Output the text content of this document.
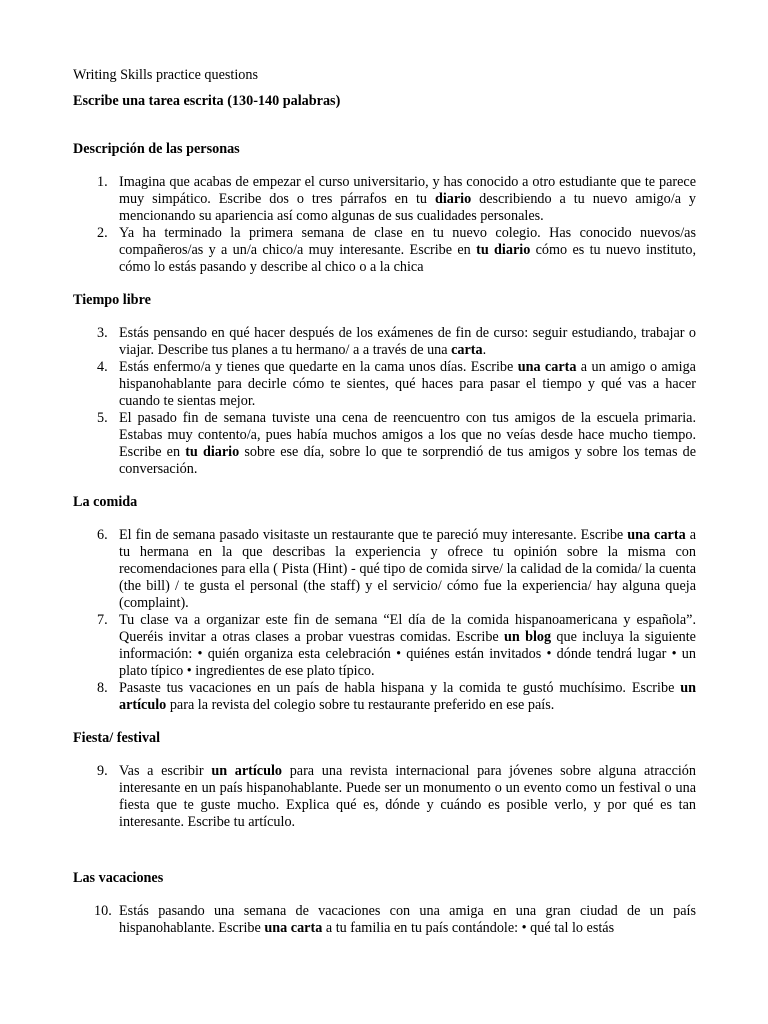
Writing Skills practice questions
Escribe una tarea escrita (130-140 palabras)
Descripción de las personas
1. Imagina que acabas de empezar el curso universitario, y has conocido a otro estudiante que te parece muy simpático. Escribe dos o tres párrafos en tu diario describiendo a tu nuevo amigo/a y mencionando su apariencia así como algunas de sus cualidades personales.
2. Ya ha terminado la primera semana de clase en tu nuevo colegio. Has conocido nuevos/as compañeros/as y a un/a chico/a muy interesante. Escribe en tu diario cómo es tu nuevo instituto, cómo lo estás pasando y describe al chico o a la chica
Tiempo libre
3. Estás pensando en qué hacer después de los exámenes de fin de curso: seguir estudiando, trabajar o viajar. Describe tus planes a tu hermano/ a a través de una carta.
4. Estás enfermo/a y tienes que quedarte en la cama unos días. Escribe una carta a un amigo o amiga hispanohablante para decirle cómo te sientes, qué haces para pasar el tiempo y qué vas a hacer cuando te sientas mejor.
5. El pasado fin de semana tuviste una cena de reencuentro con tus amigos de la escuela primaria. Estabas muy contento/a, pues había muchos amigos a los que no veías desde hace mucho tiempo. Escribe en tu diario sobre ese día, sobre lo que te sorprendió de tus amigos y sobre los temas de conversación.
La comida
6. El fin de semana pasado visitaste un restaurante que te pareció muy interesante. Escribe una carta a tu hermana en la que describas la experiencia y ofrece tu opinión sobre la misma con recomendaciones para ella ( Pista (Hint) - qué tipo de comida sirve/ la calidad de la comida/ la cuenta (the bill) / te gusta el personal (the staff) y el servicio/ cómo fue la experiencia/ hay alguna queja (complaint).
7. Tu clase va a organizar este fin de semana “El día de la comida hispanoamericana y española”. Queréis invitar a otras clases a probar vuestras comidas. Escribe un blog que incluya la siguiente información: • quién organiza esta celebración • quiénes están invitados • dónde tendrá lugar • un plato típico • ingredientes de ese plato típico.
8. Pasaste tus vacaciones en un país de habla hispana y la comida te gustó muchísimo. Escribe un artículo para la revista del colegio sobre tu restaurante preferido en ese país.
Fiesta/ festival
9. Vas a escribir un artículo para una revista internacional para jóvenes sobre alguna atracción interesante en un país hispanohablante. Puede ser un monumento o un evento como un festival o una fiesta que te guste mucho. Explica qué es, dónde y cuándo es posible verlo, y por qué es tan interesante. Escribe tu artículo.
Las vacaciones
10. Estás pasando una semana de vacaciones con una amiga en una gran ciudad de un país hispanohablante. Escribe una carta a tu familia en tu país contándole: • qué tal lo estás
